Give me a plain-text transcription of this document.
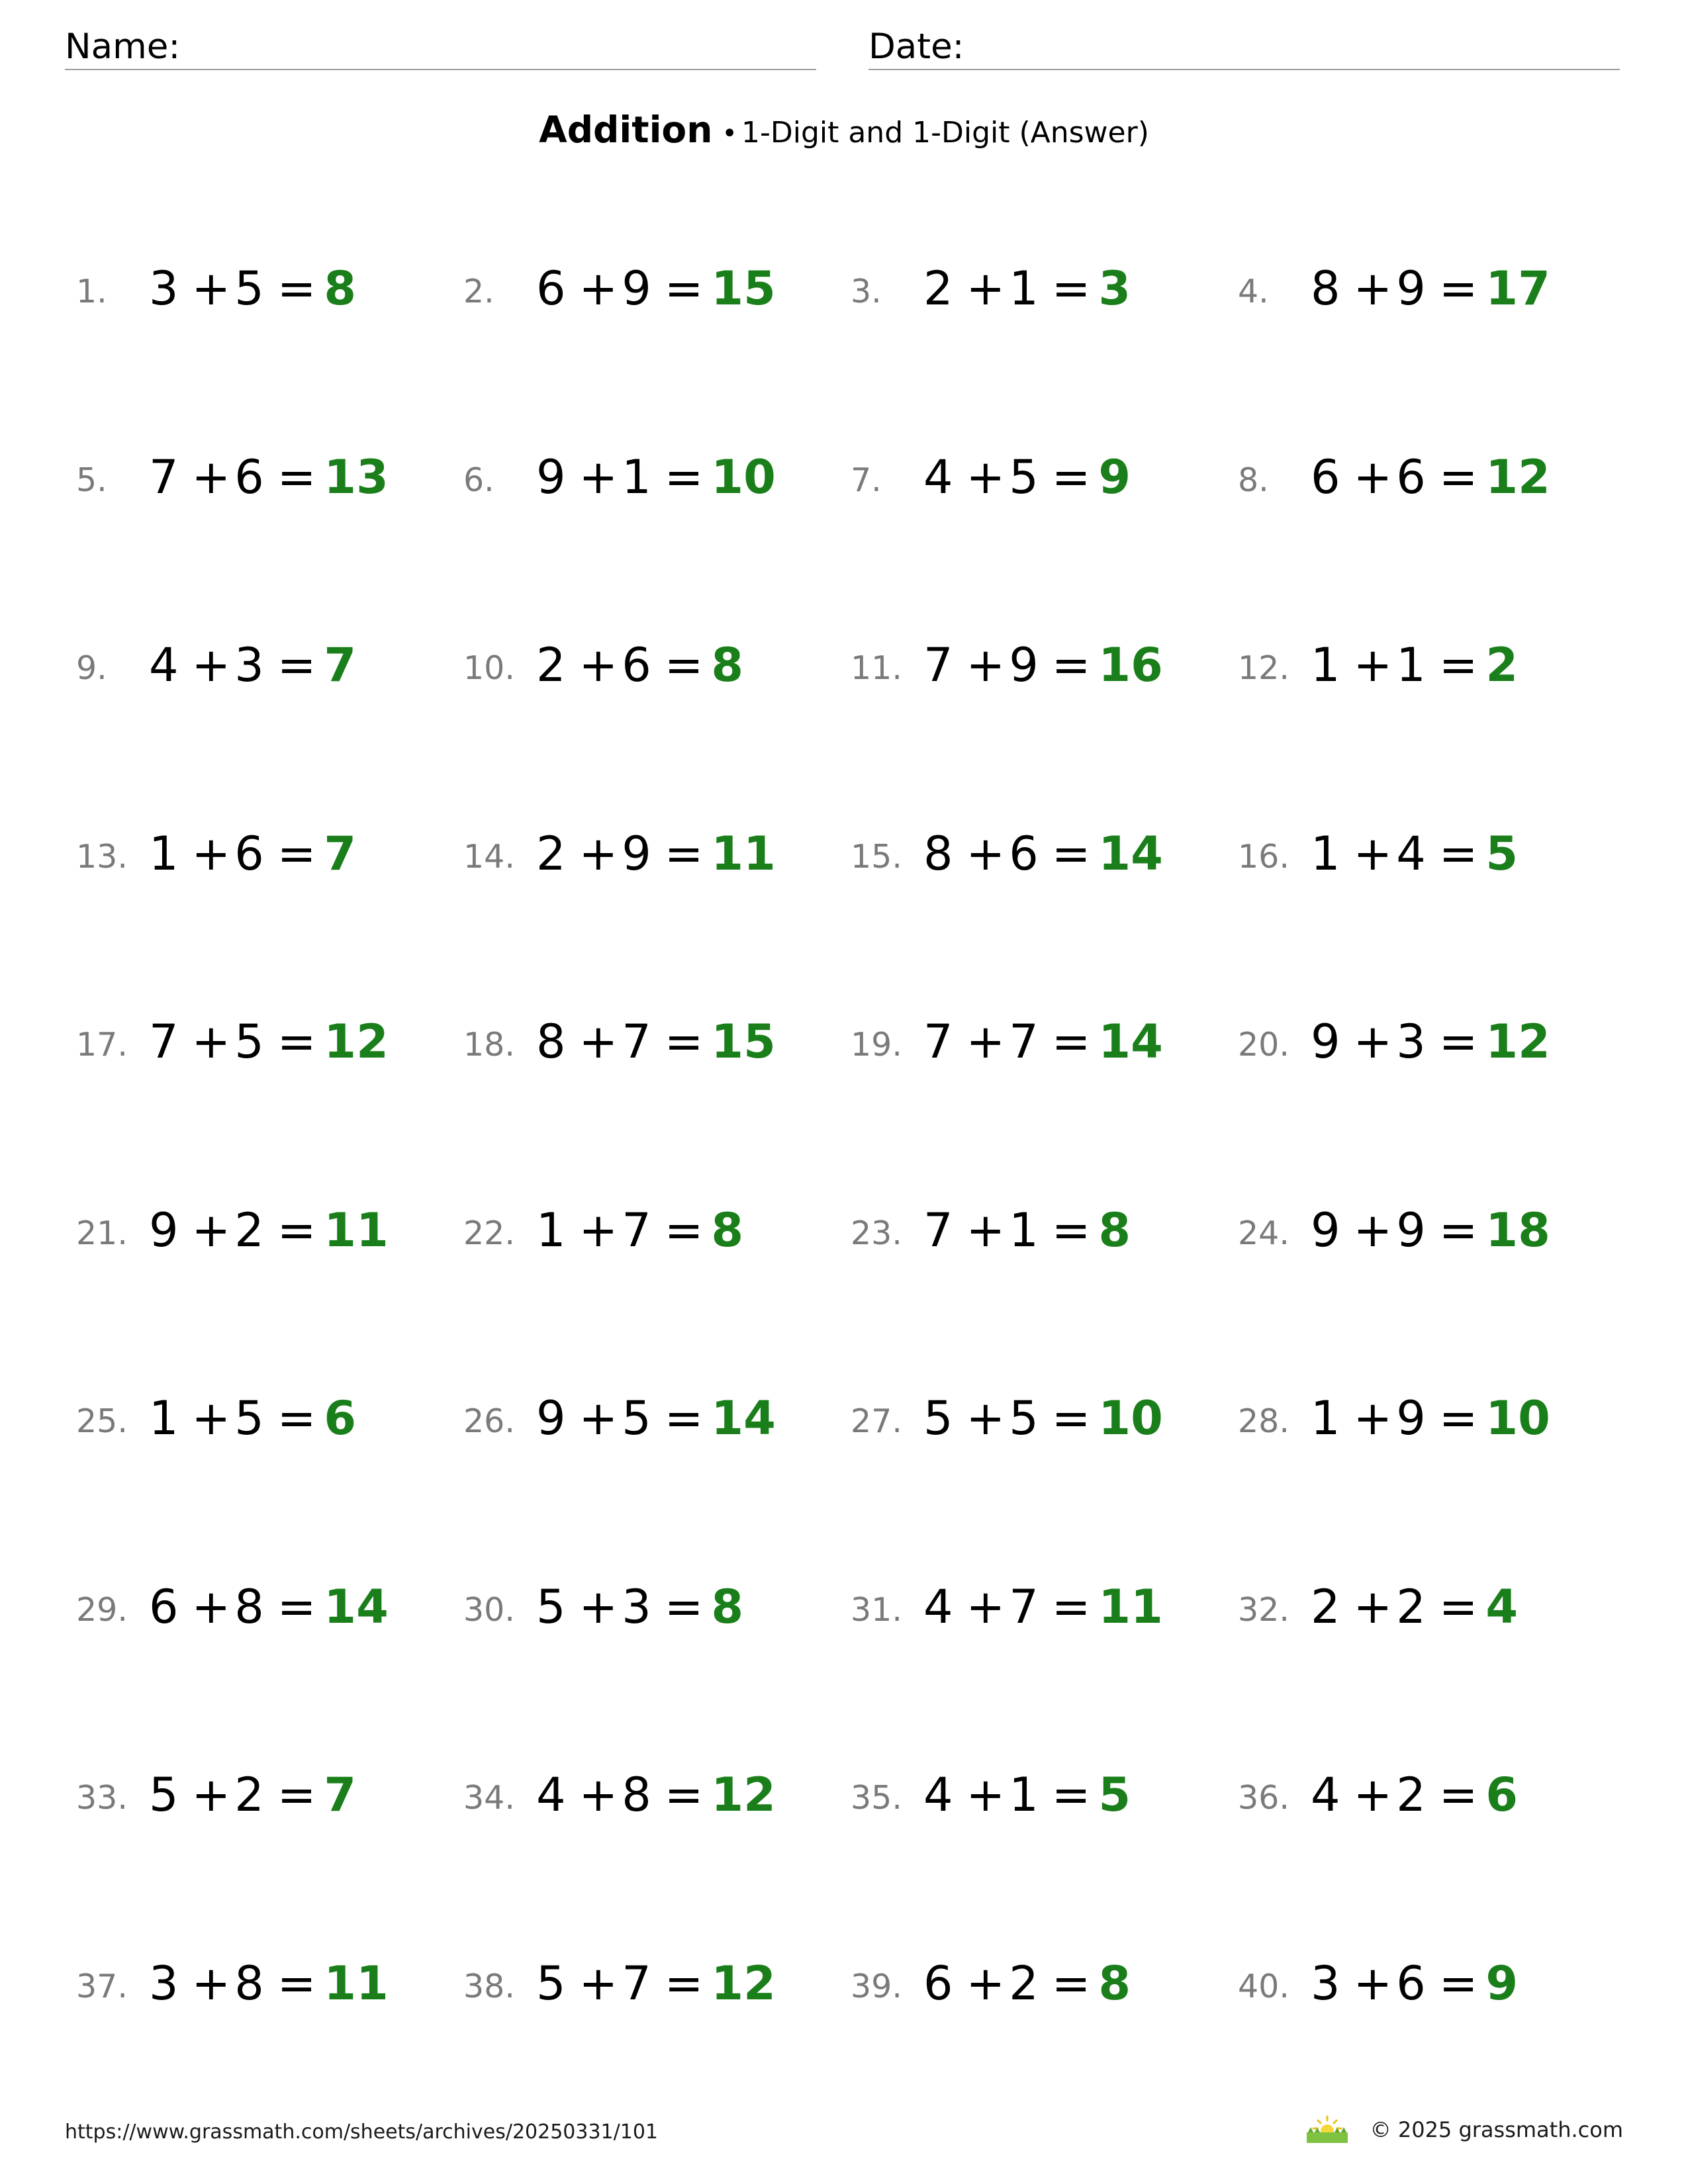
Name:	Date:
Addition • 1-Digit and 1-Digit (Answer)
1. 3 +5 = 8	2. 6 +9 = 15 3. 2 +1 = 3	4. 8 +9 = 17
5. 7 +6 = 13 6. 9 +1 = 10 7. 4 +5 = 9	8. 6 +6 = 12
9. 4 +3 = 7	10. 2 +6 = 8	11. 7 +9 = 16 12. 1 +1 = 2
13. 1 +6 = 7	14. 2 +9 = 11 15. 8 +6 = 14 16. 1 +4 = 5
17. 7 +5 = 12 18. 8 +7 = 15 19. 7 +7 = 14 20. 9 +3 = 12
21. 9 +2 = 11 22. 1 +7 = 8	23. 7 +1 = 8	24. 9 +9 = 18
25. 1 +5 = 6	26. 9 +5 = 14 27. 5 +5 = 10 28. 1 +9 = 10
29. 6 +8 = 14 30. 5 +3 = 8	31. 4 +7 = 11 32. 2 +2 = 4
33. 5 +2 = 7	34. 4 +8 = 12 35. 4 +1 = 5	36. 4 +2 = 6
37. 3 +8 = 11 38. 5 +7 = 12 39. 6 +2 = 8	40. 3 +6 = 9
https://www.grassmath.com/sheets/archives/20250331/101	© 2025 grassmath.com
